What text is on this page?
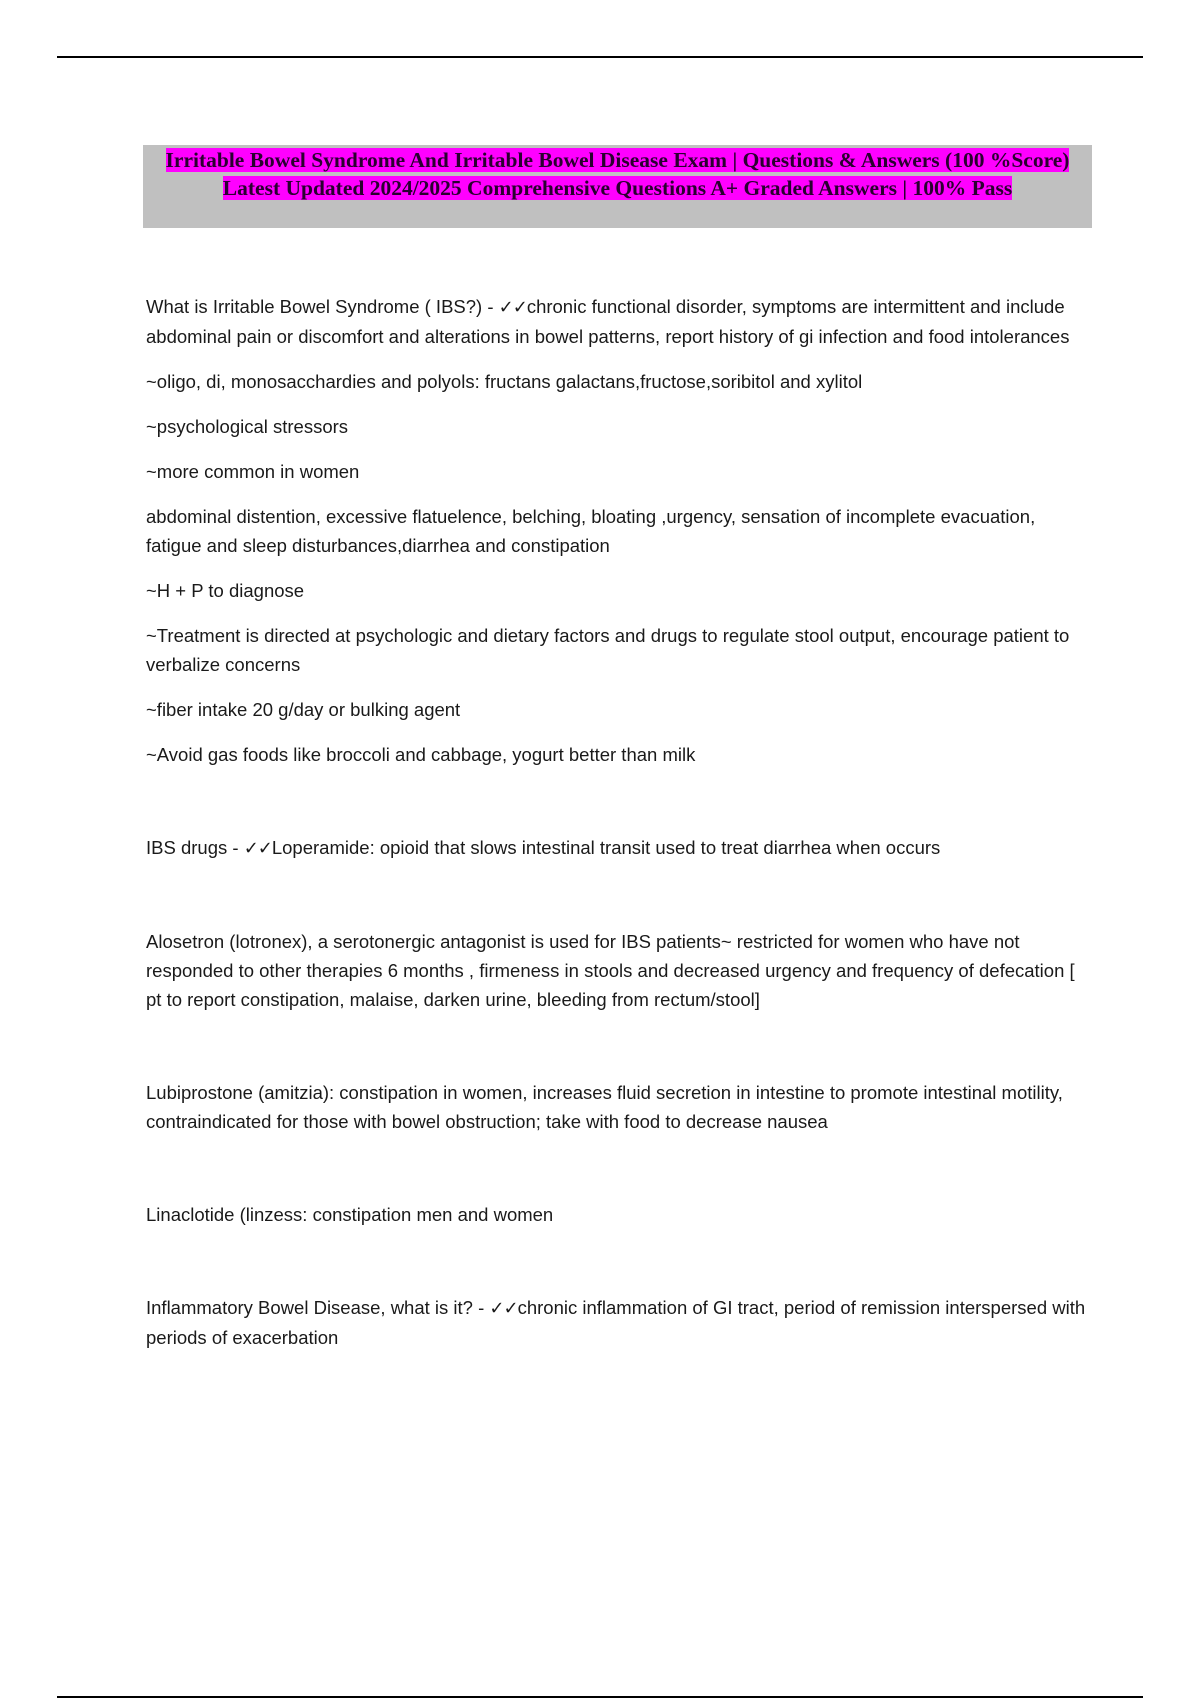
Irritable Bowel Syndrome And Irritable Bowel Disease Exam | Questions & Answers (100 %Score) Latest Updated 2024/2025 Comprehensive Questions A+ Graded Answers | 100% Pass

What is Irritable Bowel Syndrome ( IBS?) - ✓✓chronic functional disorder, symptoms are intermittent and include abdominal pain or discomfort and alterations in bowel patterns, report history of gi infection and food intolerances

~oligo, di, monosacchardies and polyols: fructans galactans,fructose,soribitol and xylitol

~psychological stressors

~more common in women

abdominal distention, excessive flatuelence, belching, bloating ,urgency, sensation of incomplete evacuation, fatigue and sleep disturbances,diarrhea and constipation

~H + P to diagnose

~Treatment is directed at psychologic and dietary factors and drugs to regulate stool output, encourage patient to verbalize concerns

~fiber intake 20 g/day or bulking agent

~Avoid gas foods like broccoli and cabbage, yogurt better than milk

IBS drugs - ✓✓Loperamide: opioid that slows intestinal transit used to treat diarrhea when occurs

Alosetron (lotronex), a serotonergic antagonist is used for IBS patients~ restricted for women who have not responded to other therapies 6 months , firmeness in stools and decreased urgency and frequency of defecation [ pt to report constipation, malaise, darken urine, bleeding from rectum/stool]

Lubiprostone (amitzia): constipation in women, increases fluid secretion in intestine to promote intestinal motility, contraindicated for those with bowel obstruction; take with food to decrease nausea

Linaclotide (linzess: constipation men and women

Inflammatory Bowel Disease, what is it? - ✓✓chronic inflammation of GI tract, period of remission interspersed with periods of exacerbation
